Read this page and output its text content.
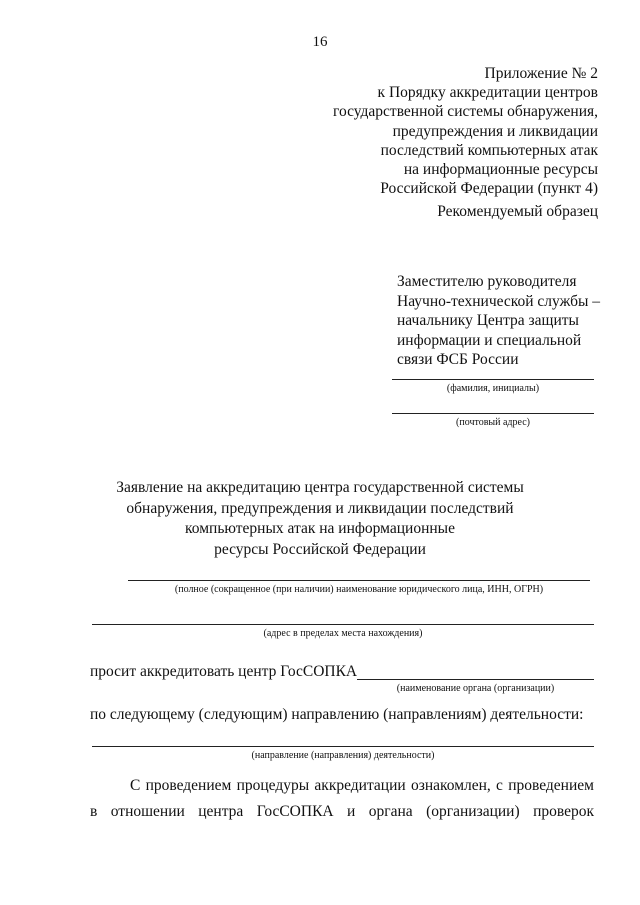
16
Приложение № 2
к Порядку аккредитации центров
государственной системы обнаружения,
предупреждения и ликвидации
последствий компьютерных атак
на информационные ресурсы
Российской Федерации (пункт 4)
Рекомендуемый образец
Заместителю руководителя
Научно-технической службы –
начальнику Центра защиты
информации и специальной
связи ФСБ России
(фамилия, инициалы)
(почтовый адрес)
Заявление на аккредитацию центра государственной системы
обнаружения, предупреждения и ликвидации последствий
компьютерных атак на информационные
ресурсы Российской Федерации
(полное (сокращенное (при наличии) наименование юридического лица, ИНН, ОГРН)
(адрес в пределах места нахождения)
просит аккредитовать центр ГосСОПКА
(наименование органа (организации)
по следующему (следующим) направлению (направлениям) деятельности:
(направление (направления) деятельности)
С проведением процедуры аккредитации ознакомлен, с проведением
в отношении центра ГосСОПКА и органа (организации) проверок
